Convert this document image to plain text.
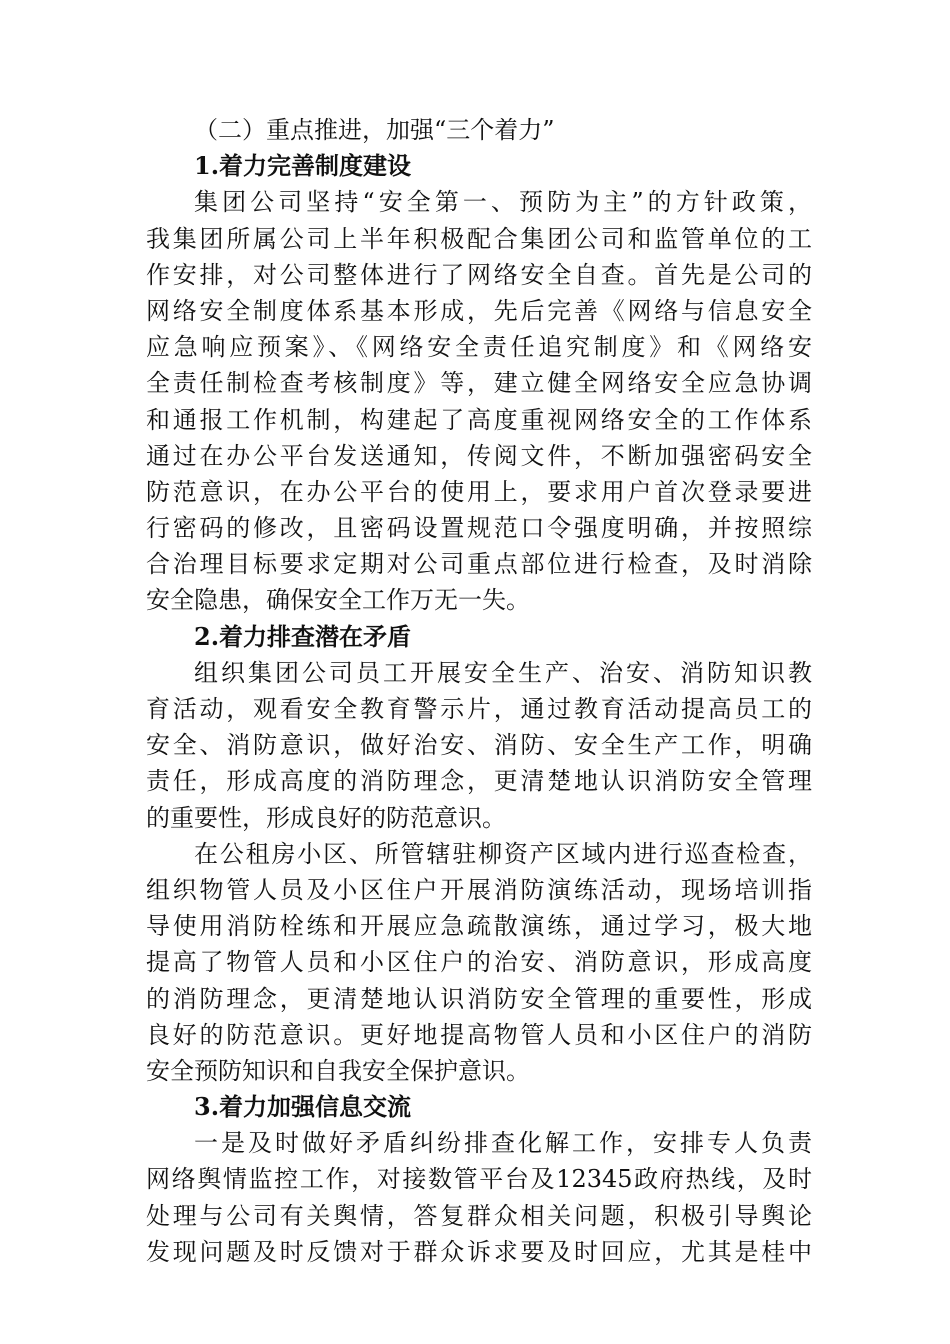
（二）重点推进，加强“三个着力”
1.着力完善制度建设
集团公司坚持“安全第一、预防为主”的方针政策，
我集团所属公司上半年积极配合集团公司和监管单位的工
作安排，对公司整体进行了网络安全自查。首先是公司的
网络安全制度体系基本形成，先后完善《网络与信息安全
应急响应预案》、《网络安全责任追究制度》和《网络安
全责任制检查考核制度》等，建立健全网络安全应急协调
和通报工作机制，构建起了高度重视网络安全的工作体系
通过在办公平台发送通知，传阅文件，不断加强密码安全
防范意识，在办公平台的使用上，要求用户首次登录要进
行密码的修改，且密码设置规范口令强度明确，并按照综
合治理目标要求定期对公司重点部位进行检查，及时消除
安全隐患，确保安全工作万无一失。
2.着力排查潜在矛盾
组织集团公司员工开展安全生产、治安、消防知识教
育活动，观看安全教育警示片，通过教育活动提高员工的
安全、消防意识，做好治安、消防、安全生产工作，明确
责任，形成高度的消防理念，更清楚地认识消防安全管理
的重要性，形成良好的防范意识。
在公租房小区、所管辖驻柳资产区域内进行巡查检查，
组织物管人员及小区住户开展消防演练活动，现场培训指
导使用消防栓练和开展应急疏散演练，通过学习，极大地
提高了物管人员和小区住户的治安、消防意识，形成高度
的消防理念，更清楚地认识消防安全管理的重要性，形成
良好的防范意识。更好地提高物管人员和小区住户的消防
安全预防知识和自我安全保护意识。
3.着力加强信息交流
一是及时做好矛盾纠纷排查化解工作，安排专人负责
网络舆情监控工作，对接数管平台及12345政府热线，及时
处理与公司有关舆情，答复群众相关问题，积极引导舆论
发现问题及时反馈对于群众诉求要及时回应，尤其是桂中
